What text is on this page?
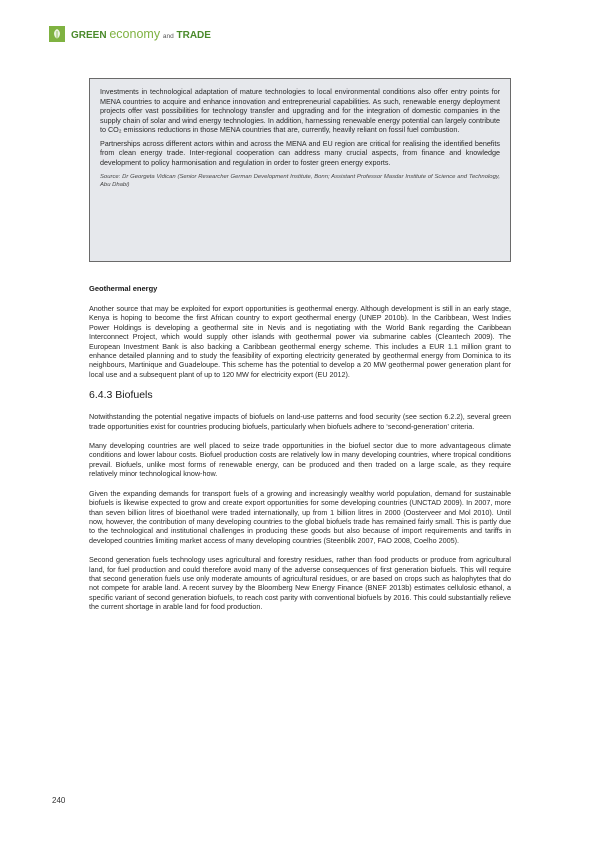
GREEN economy and TRADE

Investments in technological adaptation of mature technologies to local environmental conditions also offer entry points for MENA countries to acquire and enhance innovation and entrepreneurial capabilities. As such, renewable energy deployment projects offer vast possibilities for technology transfer and upgrading and for the integration of domestic companies in the supply chain of solar and wind energy technologies. In addition, harnessing renewable energy potential can largely contribute to CO₂ emissions reductions in those MENA countries that are, currently, heavily reliant on fossil fuel combustion.

Partnerships across different actors within and across the MENA and EU region are critical for realising the identified benefits from clean energy trade. Inter-regional cooperation can address many crucial aspects, from finance and knowledge development to policy harmonisation and regulation in order to foster green energy exports.

Source: Dr Georgeta Vidican (Senior Researcher German Development Institute, Bonn; Assistant Professor Masdar Institute of Science and Technology, Abu Dhabi)

Geothermal energy

Another source that may be exploited for export opportunities is geothermal energy. Although development is still in an early stage, Kenya is hoping to become the first African country to export geothermal energy (UNEP 2010b). In the Caribbean, West Indies Power Holdings is developing a geothermal site in Nevis and is negotiating with the World Bank regarding the Caribbean Interconnect Project, which would supply other islands with geothermal power via submarine cables (Cleantech 2009). The European Investment Bank is also backing a Caribbean geothermal energy scheme. This includes a EUR 1.1 million grant to enhance detailed planning and to study the feasibility of exporting electricity generated by geothermal energy from Dominica to its neighbours, Martinique and Guadeloupe. This scheme has the potential to develop a 20 MW geothermal power generation plant for local use and a subsequent plant of up to 120 MW for electricity export (EU 2012).

6.4.3 Biofuels

Notwithstanding the potential negative impacts of biofuels on land-use patterns and food security (see section 6.2.2), several green trade opportunities exist for countries producing biofuels, particularly when biofuels adhere to ‘second-generation’ criteria.

Many developing countries are well placed to seize trade opportunities in the biofuel sector due to more advantageous climate conditions and lower labour costs. Biofuel production costs are relatively low in many developing countries, where tropical conditions prevail. Biofuels, unlike most forms of renewable energy, can be produced and then traded on a large scale, as they require relatively minor technological know-how.

Given the expanding demands for transport fuels of a growing and increasingly wealthy world population, demand for sustainable biofuels is likewise expected to grow and create export opportunities for some developing countries (UNCTAD 2009). In 2007, more than seven billion litres of bioethanol were traded internationally, up from 1 billion litres in 2000 (Oosterveer and Mol 2010). Until now, however, the contribution of many developing countries to the global biofuels trade has remained fairly small. This is partly due to the technological and institutional challenges in producing these goods but also because of import requirements and tariffs in developed countries limiting market access of many developing countries (Steenblik 2007, FAO 2008, Coelho 2005).

Second generation fuels technology uses agricultural and forestry residues, rather than food products or produce from agricultural land, for fuel production and could therefore avoid many of the adverse consequences of first generation biofuels. This will require that second generation fuels use only moderate amounts of agricultural residues, or are based on crops such as halophytes that do not compete for arable land. A recent survey by the Bloomberg New Energy Finance (BNEF 2013b) estimates cellulosic ethanol, a specific variant of second generation biofuels, to reach cost parity with conventional biofuels by 2016. This could substantially relieve the current shortage in arable land for food production.

240
